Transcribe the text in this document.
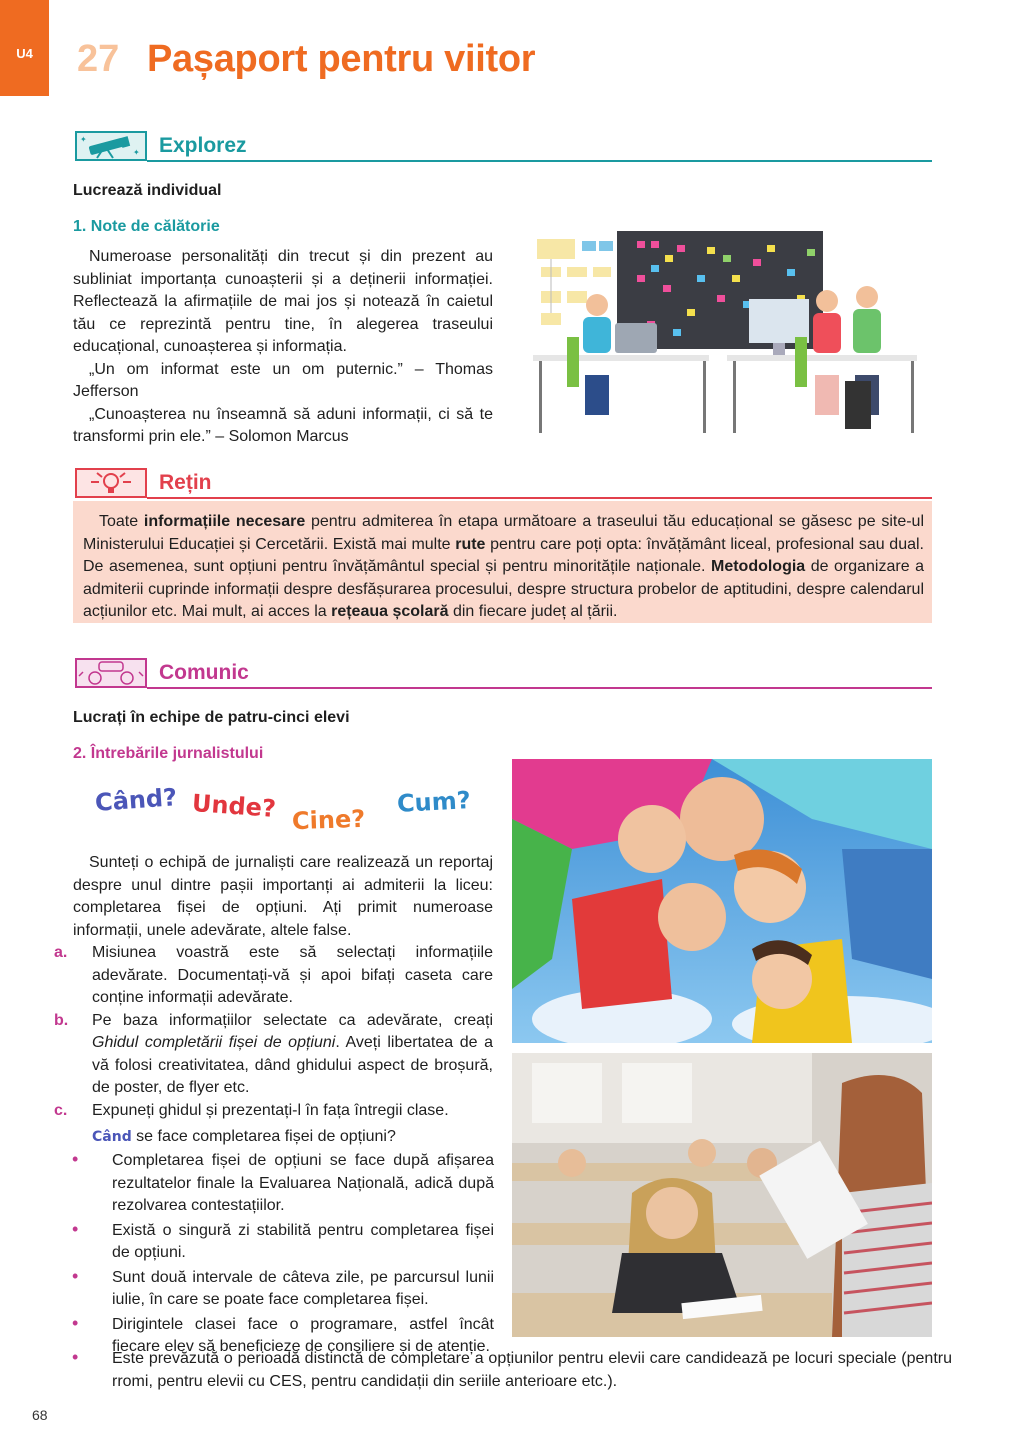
U4	27 Pașaport pentru viitor
✦
✦ Explorez
Lucrează individual
1. Note de călătorie
Numeroase personalități din trecut și din prezent au subliniat importanța cunoașterii și a deținerii informației. Reflectează la afirmațiile de mai jos și notează în caietul tău ce reprezintă pentru tine, în alegerea traseului educațional, cunoașterea și informația.
„Un om informat este un om puternic.” – Thomas Jefferson
„Cunoașterea nu înseamnă să aduni informații, ci să te transformi prin ele.” – Solomon Marcus
Rețin
Toate informațiile necesare pentru admiterea în etapa următoare a traseului tău educațional se găsesc pe site-ul Ministerului Educației și Cercetării. Există mai multe rute pentru care poți opta: învățământ liceal, profesional sau dual. De asemenea, sunt opțiuni pentru învățământul special și pentru minoritățile naționale. Metodologia de organizare a admiterii cuprinde informații despre desfășurarea procesului, despre structura probelor de aptitudini, despre calendarul acțiunilor etc. Mai mult, ai acces la rețeaua școlară din fiecare județ al țării.
Comunic
Lucrați în echipe de patru-cinci elevi
2. Întrebările jurnalistului
Când? Unde? Cine?
Cum?
Sunteți o echipă de jurnaliști care realizează un reportaj despre unul dintre pașii importanți ai admiterii la liceu: completarea fișei de opțiuni. Ați primit numeroase informații, unele adevărate, altele false.
a. Misiunea voastră este să selectați informațiile adevărate. Documentați-vă și apoi bifați caseta care conține informații adevărate.
b. Pe baza informațiilor selectate ca adevărate, creați Ghidul completării fișei de opțiuni. Aveți libertatea de a vă folosi creativitatea, dând ghidului aspect de broșură, de poster, de flyer etc.
c. Expuneți ghidul și prezentați-l în fața întregii clase.
Când se face completarea fișei de opțiuni?
• Completarea fișei de opțiuni se face după afișarea rezultatelor finale la Evaluarea Națională, adică după rezolvarea contestațiilor.
• Există o singură zi stabilită pentru completarea fișei de opțiuni.
• Sunt două intervale de câteva zile, pe parcursul lunii iulie, în care se poate face completarea fișei.
• Dirigintele clasei face o programare, astfel încât fiecare elev să beneficieze de consiliere și de atenție.
• Este prevăzută o perioadă distinctă de completare a opțiunilor pentru elevii care candidează pe locuri speciale (pentru rromi, pentru elevii cu CES, pentru candidații din seriile anterioare etc.).
68
